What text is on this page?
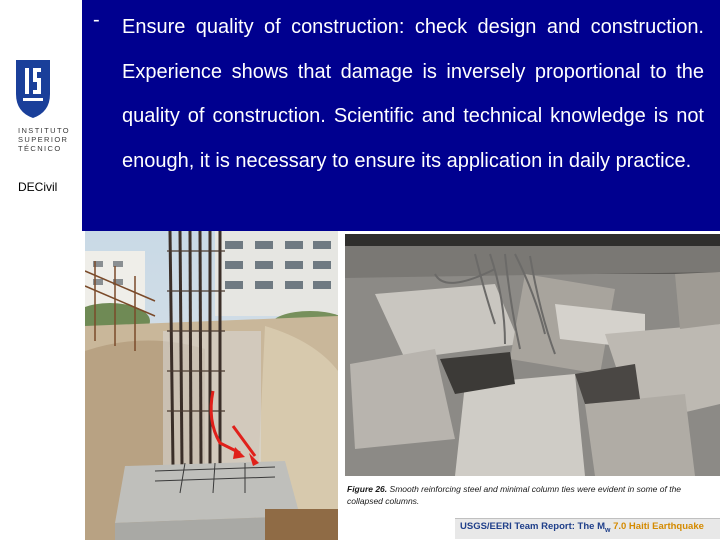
INSTITUTO
SUPERIOR
TÉCNICO
DECivil
- Ensure quality of construction: check design and construction. Experience shows that damage is inversely proportional to the quality of construction. Scientific and technical knowledge is not enough, it is necessary to ensure its application in daily practice.
Figure 26. Smooth reinforcing steel and minimal column ties were evident in some of the collapsed columns.
USGS/EERI Team Report: The $M_w$ 7.0 Haiti Earthquake
